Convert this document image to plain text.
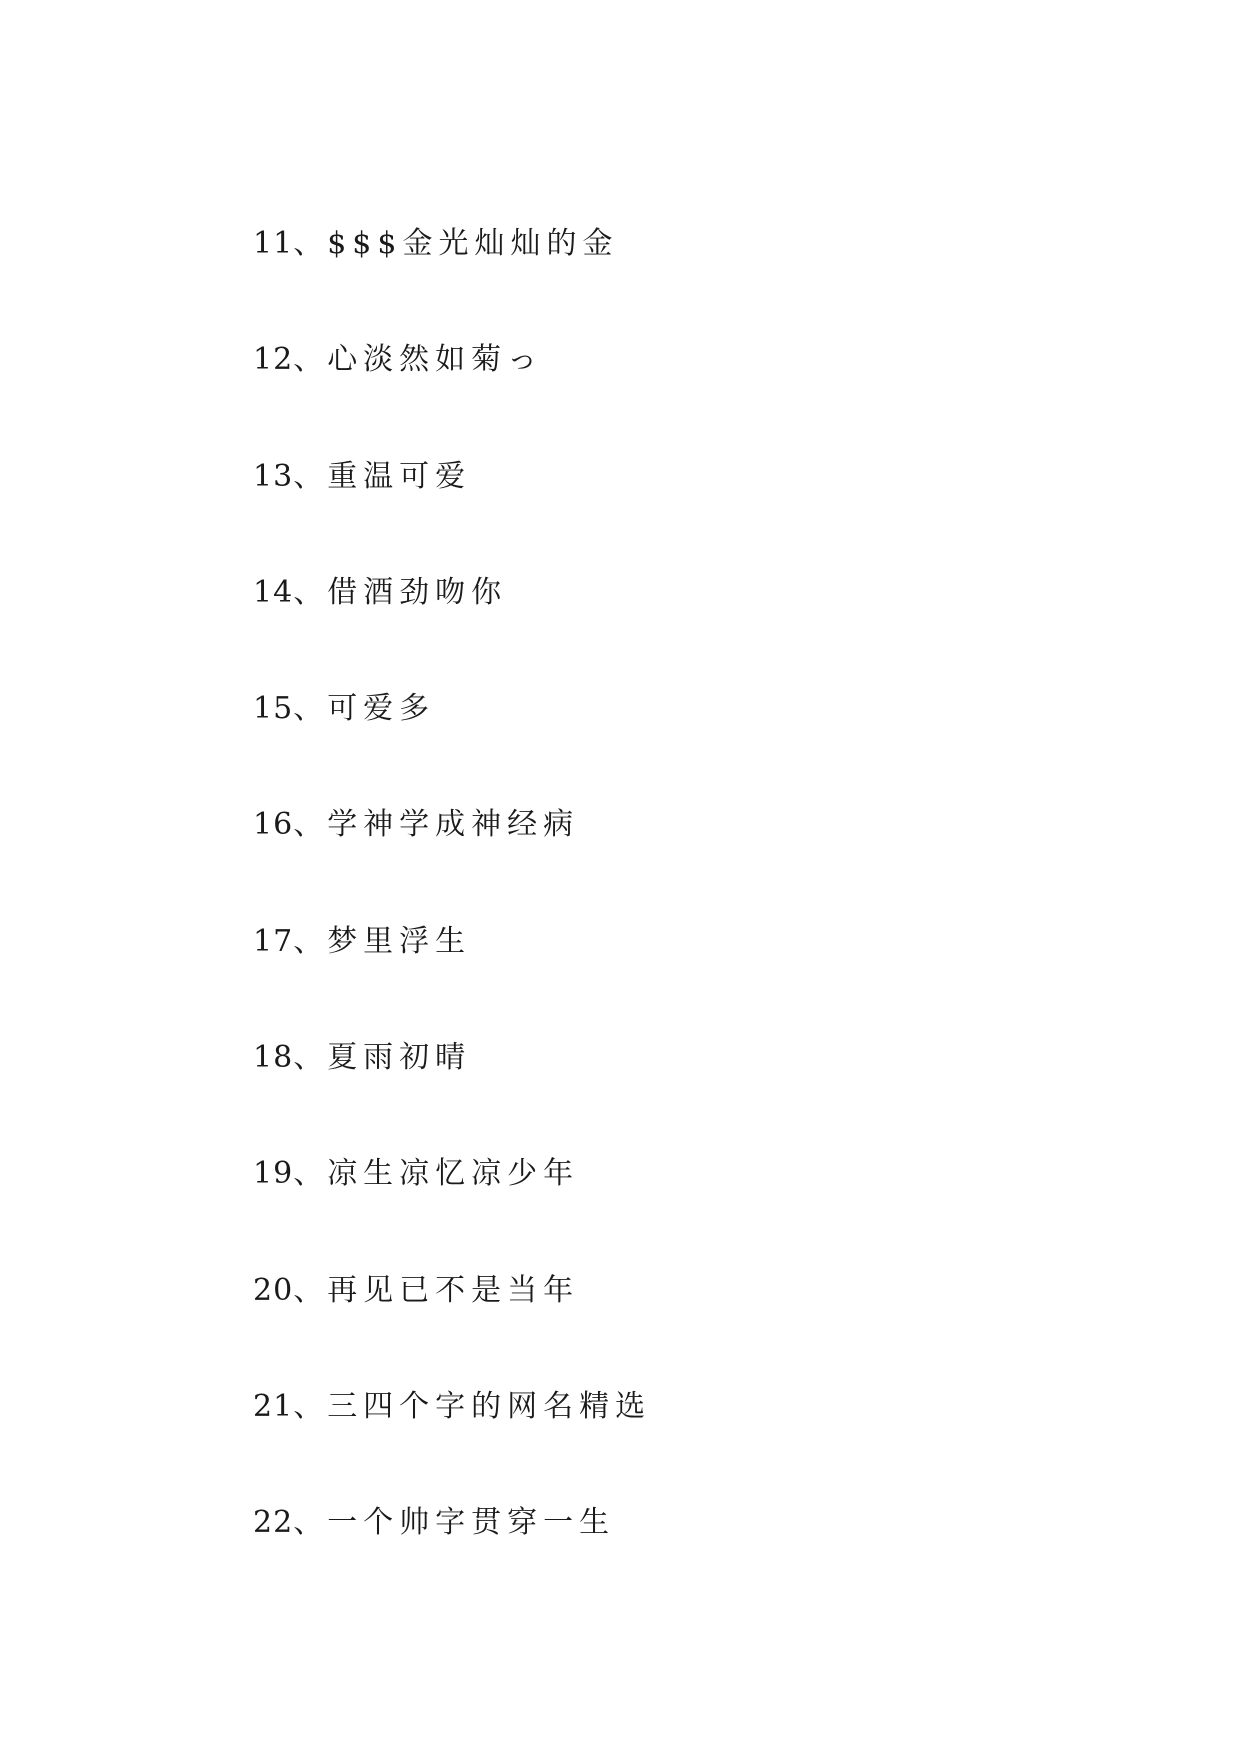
11 、 $$$金光灿灿的金
12 、 心淡然如菊っ
13 、 重温可爱
14 、 借酒劲吻你
15 、 可爱多
16 、 学神学成神经病
17 、 梦里浮生
18 、 夏雨初晴
19 、 凉生凉忆凉少年
20 、 再见已不是当年
21 、 三四个字的网名精选
22 、 一个帅字贯穿一生
